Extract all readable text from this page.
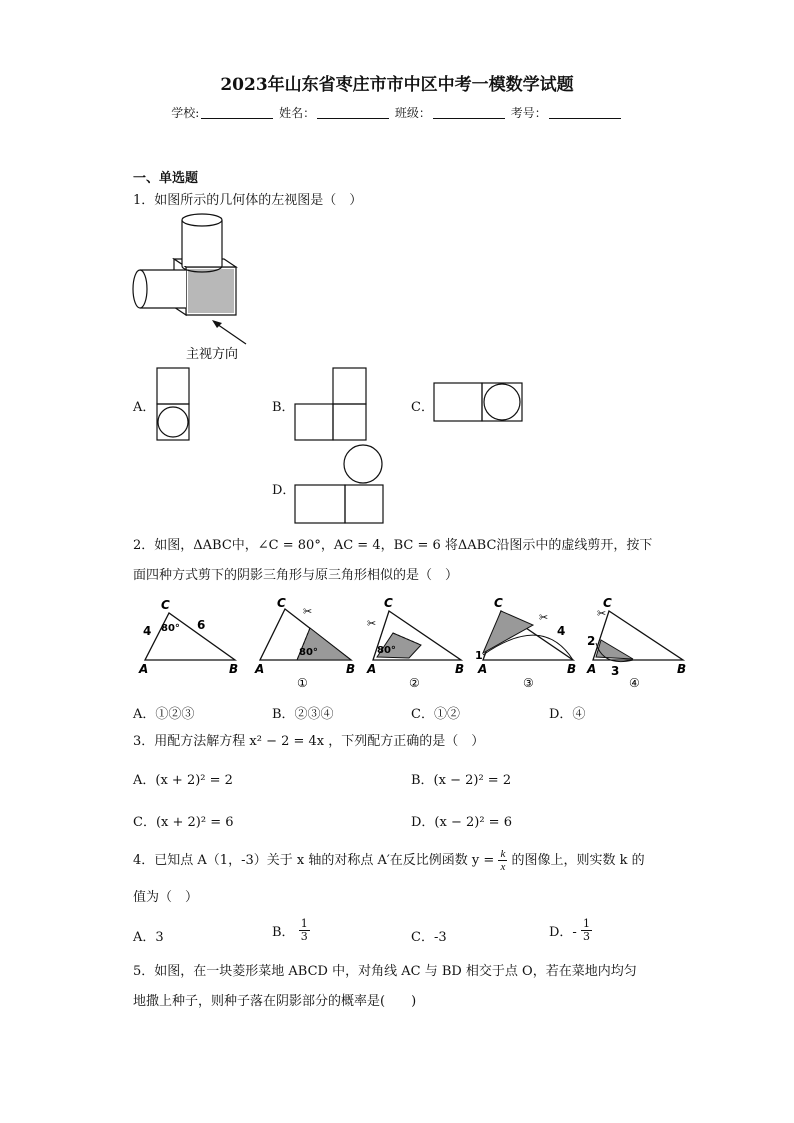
2023年山东省枣庄市市中区中考一模数学试题
学校:	姓名：	班级：	考号：
一、单选题
1．如图所示的几何体的左视图是（　）
主视方向
A．	B．	C．
D．
2．如图，ΔABC中，∠C = 80°，AC = 4，BC = 6 将ΔABC沿图示中的虚线剪开，按下
面四种方式剪下的阴影三角形与原三角形相似的是（　）
C
80°
4	6
A	B
80°
C
✂
A	B
①
80°
C
✂
A	B
②
C
✂
4
1
A	B
③
C
✂
2
3
A	B
④
A．①②③	B．②③④	C．①②	D．④
3．用配方法解方程 x² − 2 = 4x ，下列配方正确的是（　）
A．(x + 2)² = 2	B．(x − 2)² = 2
C．(x + 2)² = 6	D．(x − 2)² = 6
4．已知点 A（1，-3）关于 x 轴的对称点 A′在反比例函数 $y = \frac{k}{x}$ 的图像上，则实数 k 的
值为（　）
A．3	B． $\frac{1}{3}$	C．-3	D．- $\frac{1}{3}$
5．如图，在一块菱形菜地 ABCD 中，对角线 AC 与 BD 相交于点 O，若在菜地内均匀
地撒上种子，则种子落在阴影部分的概率是(　　)
